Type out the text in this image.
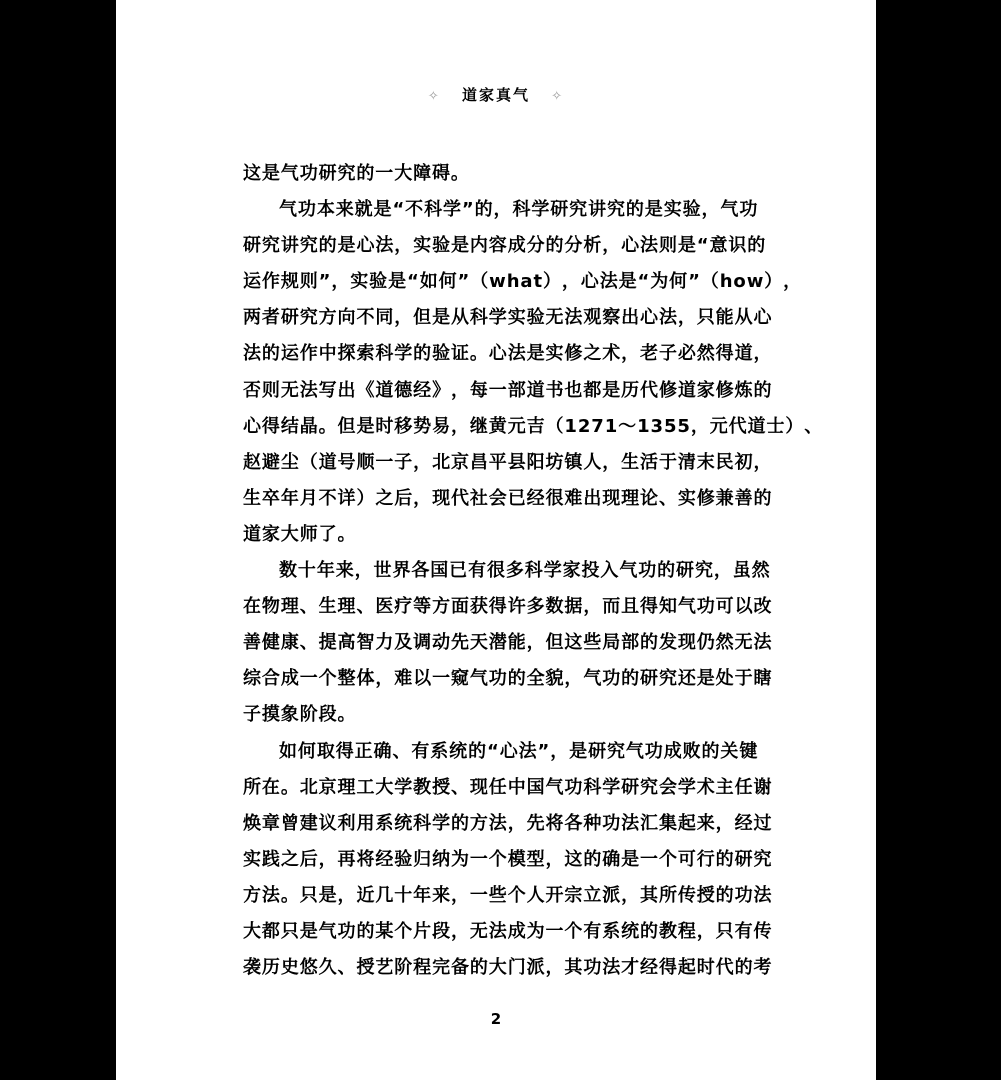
✧ 道家真气 ✧
这是气功研究的一大障碍。
气 功 本 来 就 是 “ 不 科 学 ” 的 ， 科 学 研 究 讲 究 的 是 实 验 ， 气 功
研 究 讲 究 的 是 心 法 ， 实 验 是 内 容 成 分 的 分 析 ， 心 法 则 是 “ 意 识 的
运 作 规 则 ” ， 实 验 是 “ 如 何 ” （ w h a t ） ， 心 法 是 “ 为 何 ” （ h o w ） ，
两 者 研 究 方 向 不 同 ， 但 是 从 科 学 实 验 无 法 观 察 出 心 法 ， 只 能 从 心
法 的 运 作 中 探 索 科 学 的 验 证 。 心 法 是 实 修 之 术 ， 老 子 必 然 得 道 ，
否 则 无 法 写 出 《 道 德 经 》 ， 每 一 部 道 书 也 都 是 历 代 修 道 家 修 炼 的
心 得 结 晶 。 但 是 时 移 势 易 ， 继 黄 元 吉 （ 1 2 7 1 ～ 1 3 5 5 ， 元 代 道 士 ） 、
赵 避 尘 （ 道 号 顺 一 子 ， 北 京 昌 平 县 阳 坊 镇 人 ， 生 活 于 清 末 民 初 ，
生 卒 年 月 不 详 ） 之 后 ， 现 代 社 会 已 经 很 难 出 现 理 论 、 实 修 兼 善 的
道家大师了。
数 十 年 来 ， 世 界 各 国 已 有 很 多 科 学 家 投 入 气 功 的 研 究 ， 虽 然
在 物 理 、 生 理 、 医 疗 等 方 面 获 得 许 多 数 据 ， 而 且 得 知 气 功 可 以 改
善 健 康 、 提 高 智 力 及 调 动 先 天 潜 能 ， 但 这 些 局 部 的 发 现 仍 然 无 法
综 合 成 一 个 整 体 ， 难 以 一 窥 气 功 的 全 貌 ， 气 功 的 研 究 还 是 处 于 瞎
子摸象阶段。
如 何 取 得 正 确 、 有 系 统 的 “ 心 法 ” ， 是 研 究 气 功 成 败 的 关 键
所 在 。 北 京 理 工 大 学 教 授 、 现 任 中 国 气 功 科 学 研 究 会 学 术 主 任 谢
焕 章 曾 建 议 利 用 系 统 科 学 的 方 法 ， 先 将 各 种 功 法 汇 集 起 来 ， 经 过
实 践 之 后 ， 再 将 经 验 归 纳 为 一 个 模 型 ， 这 的 确 是 一 个 可 行 的 研 究
方 法 。 只 是 ， 近 几 十 年 来 ， 一 些 个 人 开 宗 立 派 ， 其 所 传 授 的 功 法
大 都 只 是 气 功 的 某 个 片 段 ， 无 法 成 为 一 个 有 系 统 的 教 程 ， 只 有 传
袭 历 史 悠 久 、 授 艺 阶 程 完 备 的 大 门 派 ， 其 功 法 才 经 得 起 时 代 的 考
2
